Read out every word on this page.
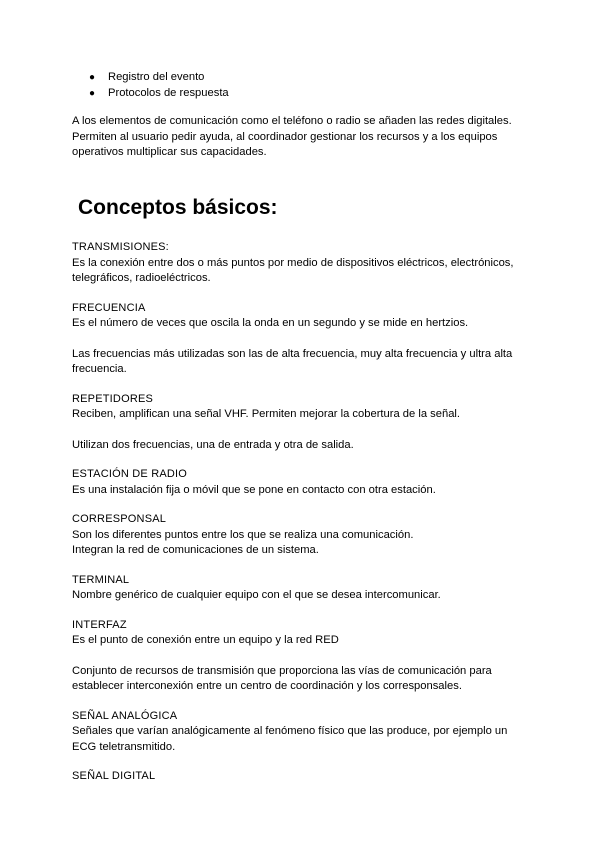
● Registro del evento
● Protocolos de respuesta

A los elementos de comunicación como el teléfono o radio se añaden las redes digitales.

Permiten al usuario pedir ayuda, al coordinador gestionar los recursos y a los equipos

operativos multiplicar sus capacidades.

Conceptos básicos:

TRANSMISIONES:

Es la conexión entre dos o más puntos por medio de dispositivos eléctricos, electrónicos,

telegráficos, radioeléctricos.

FRECUENCIA

Es el número de veces que oscila la onda en un segundo y se mide en hertzios.

Las frecuencias más utilizadas son las de alta frecuencia, muy alta frecuencia y ultra alta

frecuencia.

REPETIDORES

Reciben, amplifican una señal VHF. Permiten mejorar la cobertura de la señal.

Utilizan dos frecuencias, una de entrada y otra de salida.

ESTACIÓN DE RADIO

Es una instalación fija o móvil que se pone en contacto con otra estación.

CORRESPONSAL

Son los diferentes puntos entre los que se realiza una comunicación.

Integran la red de comunicaciones de un sistema.

TERMINAL

Nombre genérico de cualquier equipo con el que se desea intercomunicar.

INTERFAZ

Es el punto de conexión entre un equipo y la red RED

Conjunto de recursos de transmisión que proporciona las vías de comunicación para

establecer interconexión entre un centro de coordinación y los corresponsales.

SEÑAL ANALÓGICA

Señales que varían analógicamente al fenómeno físico que las produce, por ejemplo un

ECG teletransmitido.

SEÑAL DIGITAL
